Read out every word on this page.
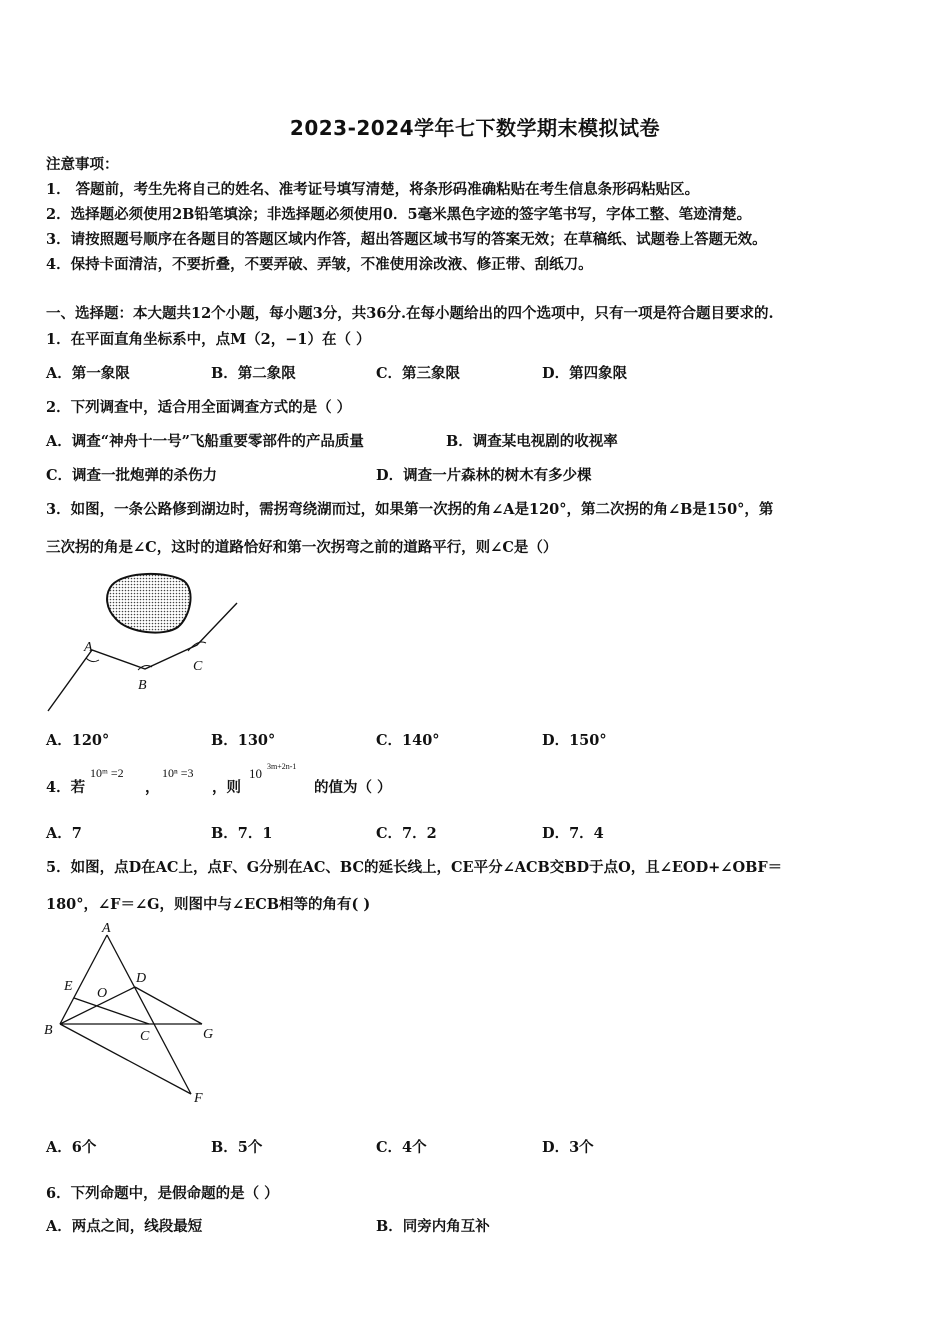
2023-2024学年七下数学期末模拟试卷
注意事项：
1． 答题前，考生先将自己的姓名、准考证号填写清楚，将条形码准确粘贴在考生信息条形码粘贴区。
2．选择题必须使用2B铅笔填涂；非选择题必须使用0．5毫米黑色字迹的签字笔书写，字体工整、笔迹清楚。
3．请按照题号顺序在各题目的答题区域内作答，超出答题区域书写的答案无效；在草稿纸、试题卷上答题无效。
4．保持卡面清洁，不要折叠，不要弄破、弄皱，不准使用涂改液、修正带、刮纸刀。
一、选择题：本大题共12个小题，每小题3分，共36分.在每小题给出的四个选项中，只有一项是符合题目要求的.
1．在平面直角坐标系中，点M（2，−1）在（ ）
A．第一象限	B．第二象限	C．第三象限	D．第四象限
2．下列调查中，适合用全面调查方式的是（ ）
A．调查“神舟十一号”飞船重要零部件的产品质量	B．调查某电视剧的收视率
C．调查一批炮弹的杀伤力	D．调查一片森林的树木有多少棵
3．如图，一条公路修到湖边时，需拐弯绕湖而过，如果第一次拐的角∠A是120°，第二次拐的角∠B是150°，第
三次拐的角是∠C，这时的道路恰好和第一次拐弯之前的道路平行，则∠C是（）
A
B
C
A．120°	B．130°	C．140°	D．150°
4．若
10ᵐ =2
，
10ⁿ =3
，则
10 3m+2n-1
的值为（ ）
A．7	B．7．1	C．7．2	D．7．4
5．如图，点D在AC上，点F、G分别在AC、BC的延长线上，CE平分∠ACB交BD于点O，且∠EOD+∠OBF＝
180°，∠F＝∠G，则图中与∠ECB相等的角有( )
A
E O
D
B	C	G
F
A．6个	B．5个	C．4个	D．3个
6．下列命题中，是假命题的是（ ）
A．两点之间，线段最短	B．同旁内角互补
